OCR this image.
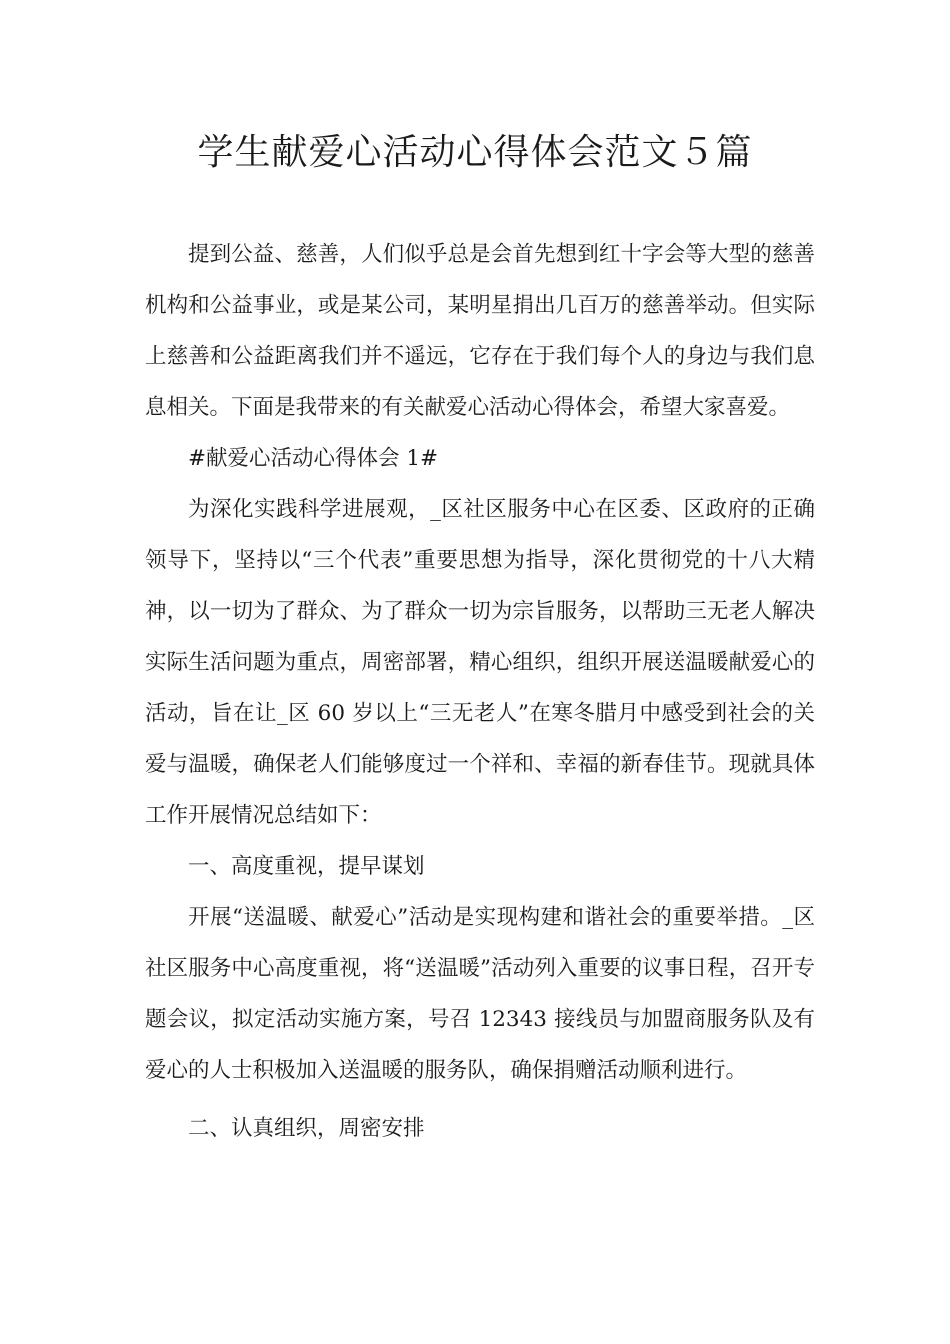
学生献爱心活动心得体会范文５篇

提到公益、慈善，人们似乎总是会首先想到红十字会等大型的慈善机构和公益事业，或是某公司，某明星捐出几百万的慈善举动。但实际上慈善和公益距离我们并不遥远，它存在于我们每个人的身边与我们息息相关。下面是我带来的有关献爱心活动心得体会，希望大家喜爱。

#献爱心活动心得体会 1#

为深化实践科学进展观，_区社区服务中心在区委、区政府的正确领导下，坚持以“三个代表”重要思想为指导，深化贯彻党的十八大精神，以一切为了群众、为了群众一切为宗旨服务，以帮助三无老人解决实际生活问题为重点，周密部署，精心组织，组织开展送温暖献爱心的活动，旨在让_区 60 岁以上“三无老人”在寒冬腊月中感受到社会的关爱与温暖，确保老人们能够度过一个祥和、幸福的新春佳节。现就具体工作开展情况总结如下：

一、高度重视，提早谋划

开展“送温暖、献爱心”活动是实现构建和谐社会的重要举措。_区社区服务中心高度重视，将“送温暖”活动列入重要的议事日程，召开专题会议，拟定活动实施方案，号召 12343 接线员与加盟商服务队及有爱心的人士积极加入送温暖的服务队，确保捐赠活动顺利进行。

二、认真组织，周密安排
